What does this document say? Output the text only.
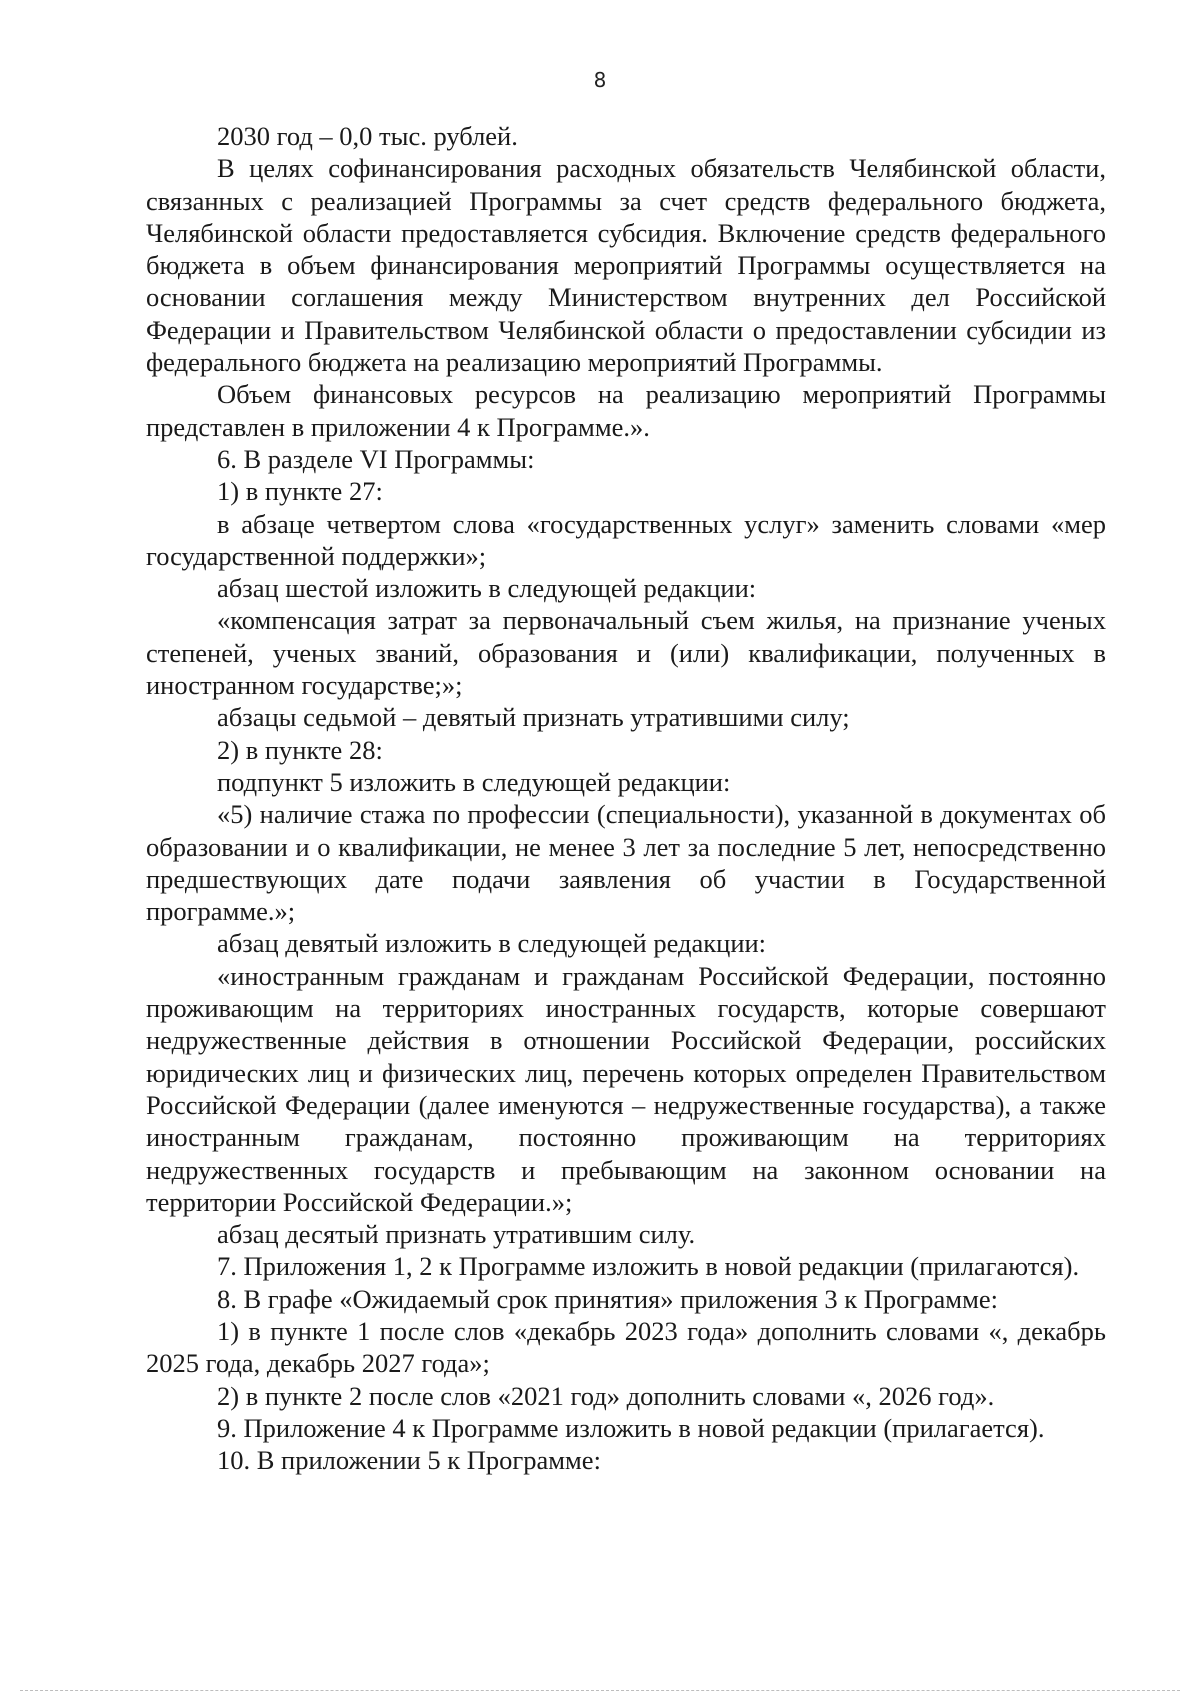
8

2030 год – 0,0 тыс. рублей.

В целях софинансирования расходных обязательств Челябинской области, связанных с реализацией Программы за счет средств федерального бюджета, Челябинской области предоставляется субсидия. Включение средств федерального бюджета в объем финансирования мероприятий Программы осуществляется на основании соглашения между Министерством внутренних дел Российской Федерации и Правительством Челябинской области о предоставлении субсидии из федерального бюджета на реализацию мероприятий Программы.

Объем финансовых ресурсов на реализацию мероприятий Программы представлен в приложении 4 к Программе.».

6. В разделе VI Программы:

1) в пункте 27:

в абзаце четвертом слова «государственных услуг» заменить словами «мер государственной поддержки»;

абзац шестой изложить в следующей редакции:

«компенсация затрат за первоначальный съем жилья, на признание ученых степеней, ученых званий, образования и (или) квалификации, полученных в иностранном государстве;»;

абзацы седьмой – девятый признать утратившими силу;

2) в пункте 28:

подпункт 5 изложить в следующей редакции:

«5) наличие стажа по профессии (специальности), указанной в документах об образовании и о квалификации, не менее 3 лет за последние 5 лет, непосредственно предшествующих дате подачи заявления об участии в Государственной программе.»;

абзац девятый изложить в следующей редакции:

«иностранным гражданам и гражданам Российской Федерации, постоянно проживающим на территориях иностранных государств, которые совершают недружественные действия в отношении Российской Федерации, российских юридических лиц и физических лиц, перечень которых определен Правительством Российской Федерации (далее именуются – недружественные государства), а также иностранным гражданам, постоянно проживающим на территориях недружественных государств и пребывающим на законном основании на территории Российской Федерации.»;

абзац десятый признать утратившим силу.

7. Приложения 1, 2 к Программе изложить в новой редакции (прилагаются).

8. В графе «Ожидаемый срок принятия» приложения 3 к Программе:

1) в пункте 1 после слов «декабрь 2023 года» дополнить словами «, декабрь 2025 года, декабрь 2027 года»;

2) в пункте 2 после слов «2021 год» дополнить словами «, 2026 год».

9. Приложение 4 к Программе изложить в новой редакции (прилагается).

10. В приложении 5 к Программе:
